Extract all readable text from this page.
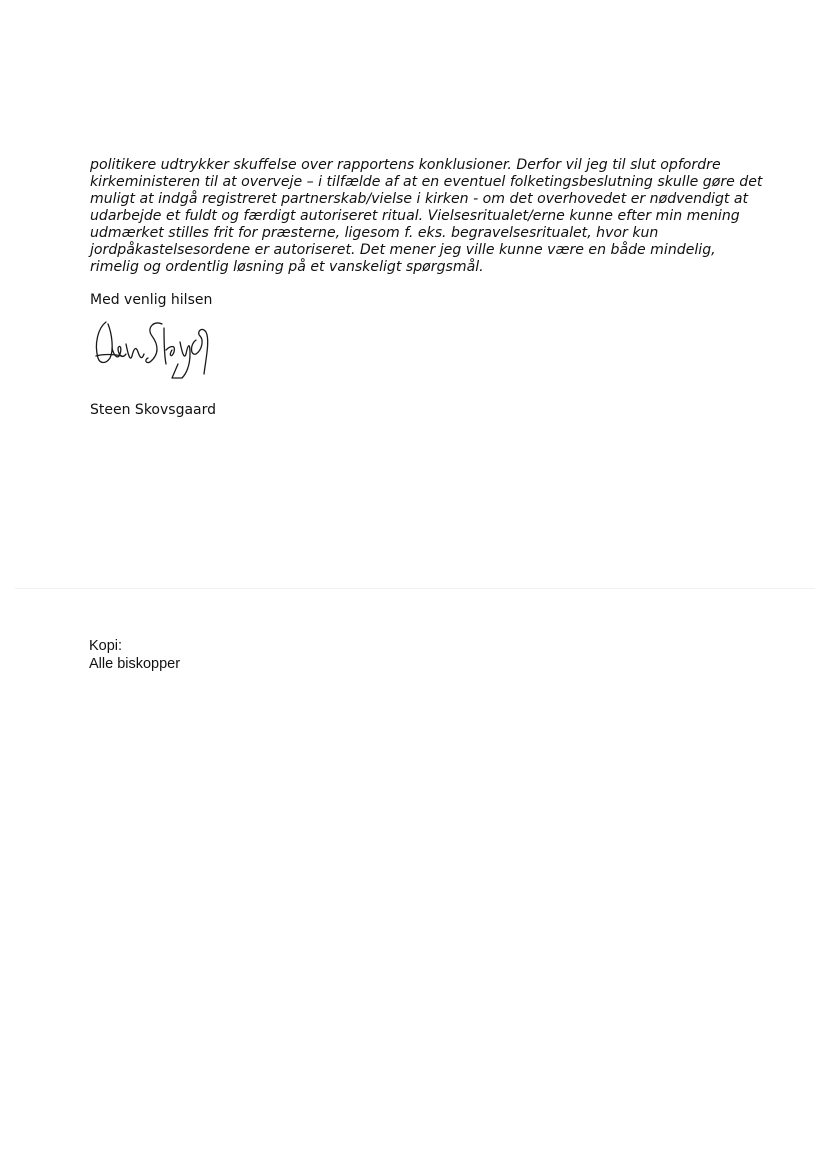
politikere udtrykker skuffelse over rapportens konklusioner. Derfor vil jeg til slut opfordre
kirkeministeren til at overveje – i tilfælde af at en eventuel folketingsbeslutning skulle gøre det
muligt at indgå registreret partnerskab/vielse i kirken - om det overhovedet er nødvendigt at
udarbejde et fuldt og færdigt autoriseret ritual. Vielsesritualet/erne kunne efter min mening
udmærket stilles frit for præsterne, ligesom f. eks. begravelsesritualet, hvor kun
jordpåkastelsesordene er autoriseret. Det mener jeg ville kunne være en både mindelig,
rimelig og ordentlig løsning på et vanskeligt spørgsmål.

Med venlig hilsen

Steen Skovsgaard

Kopi:
Alle biskopper
